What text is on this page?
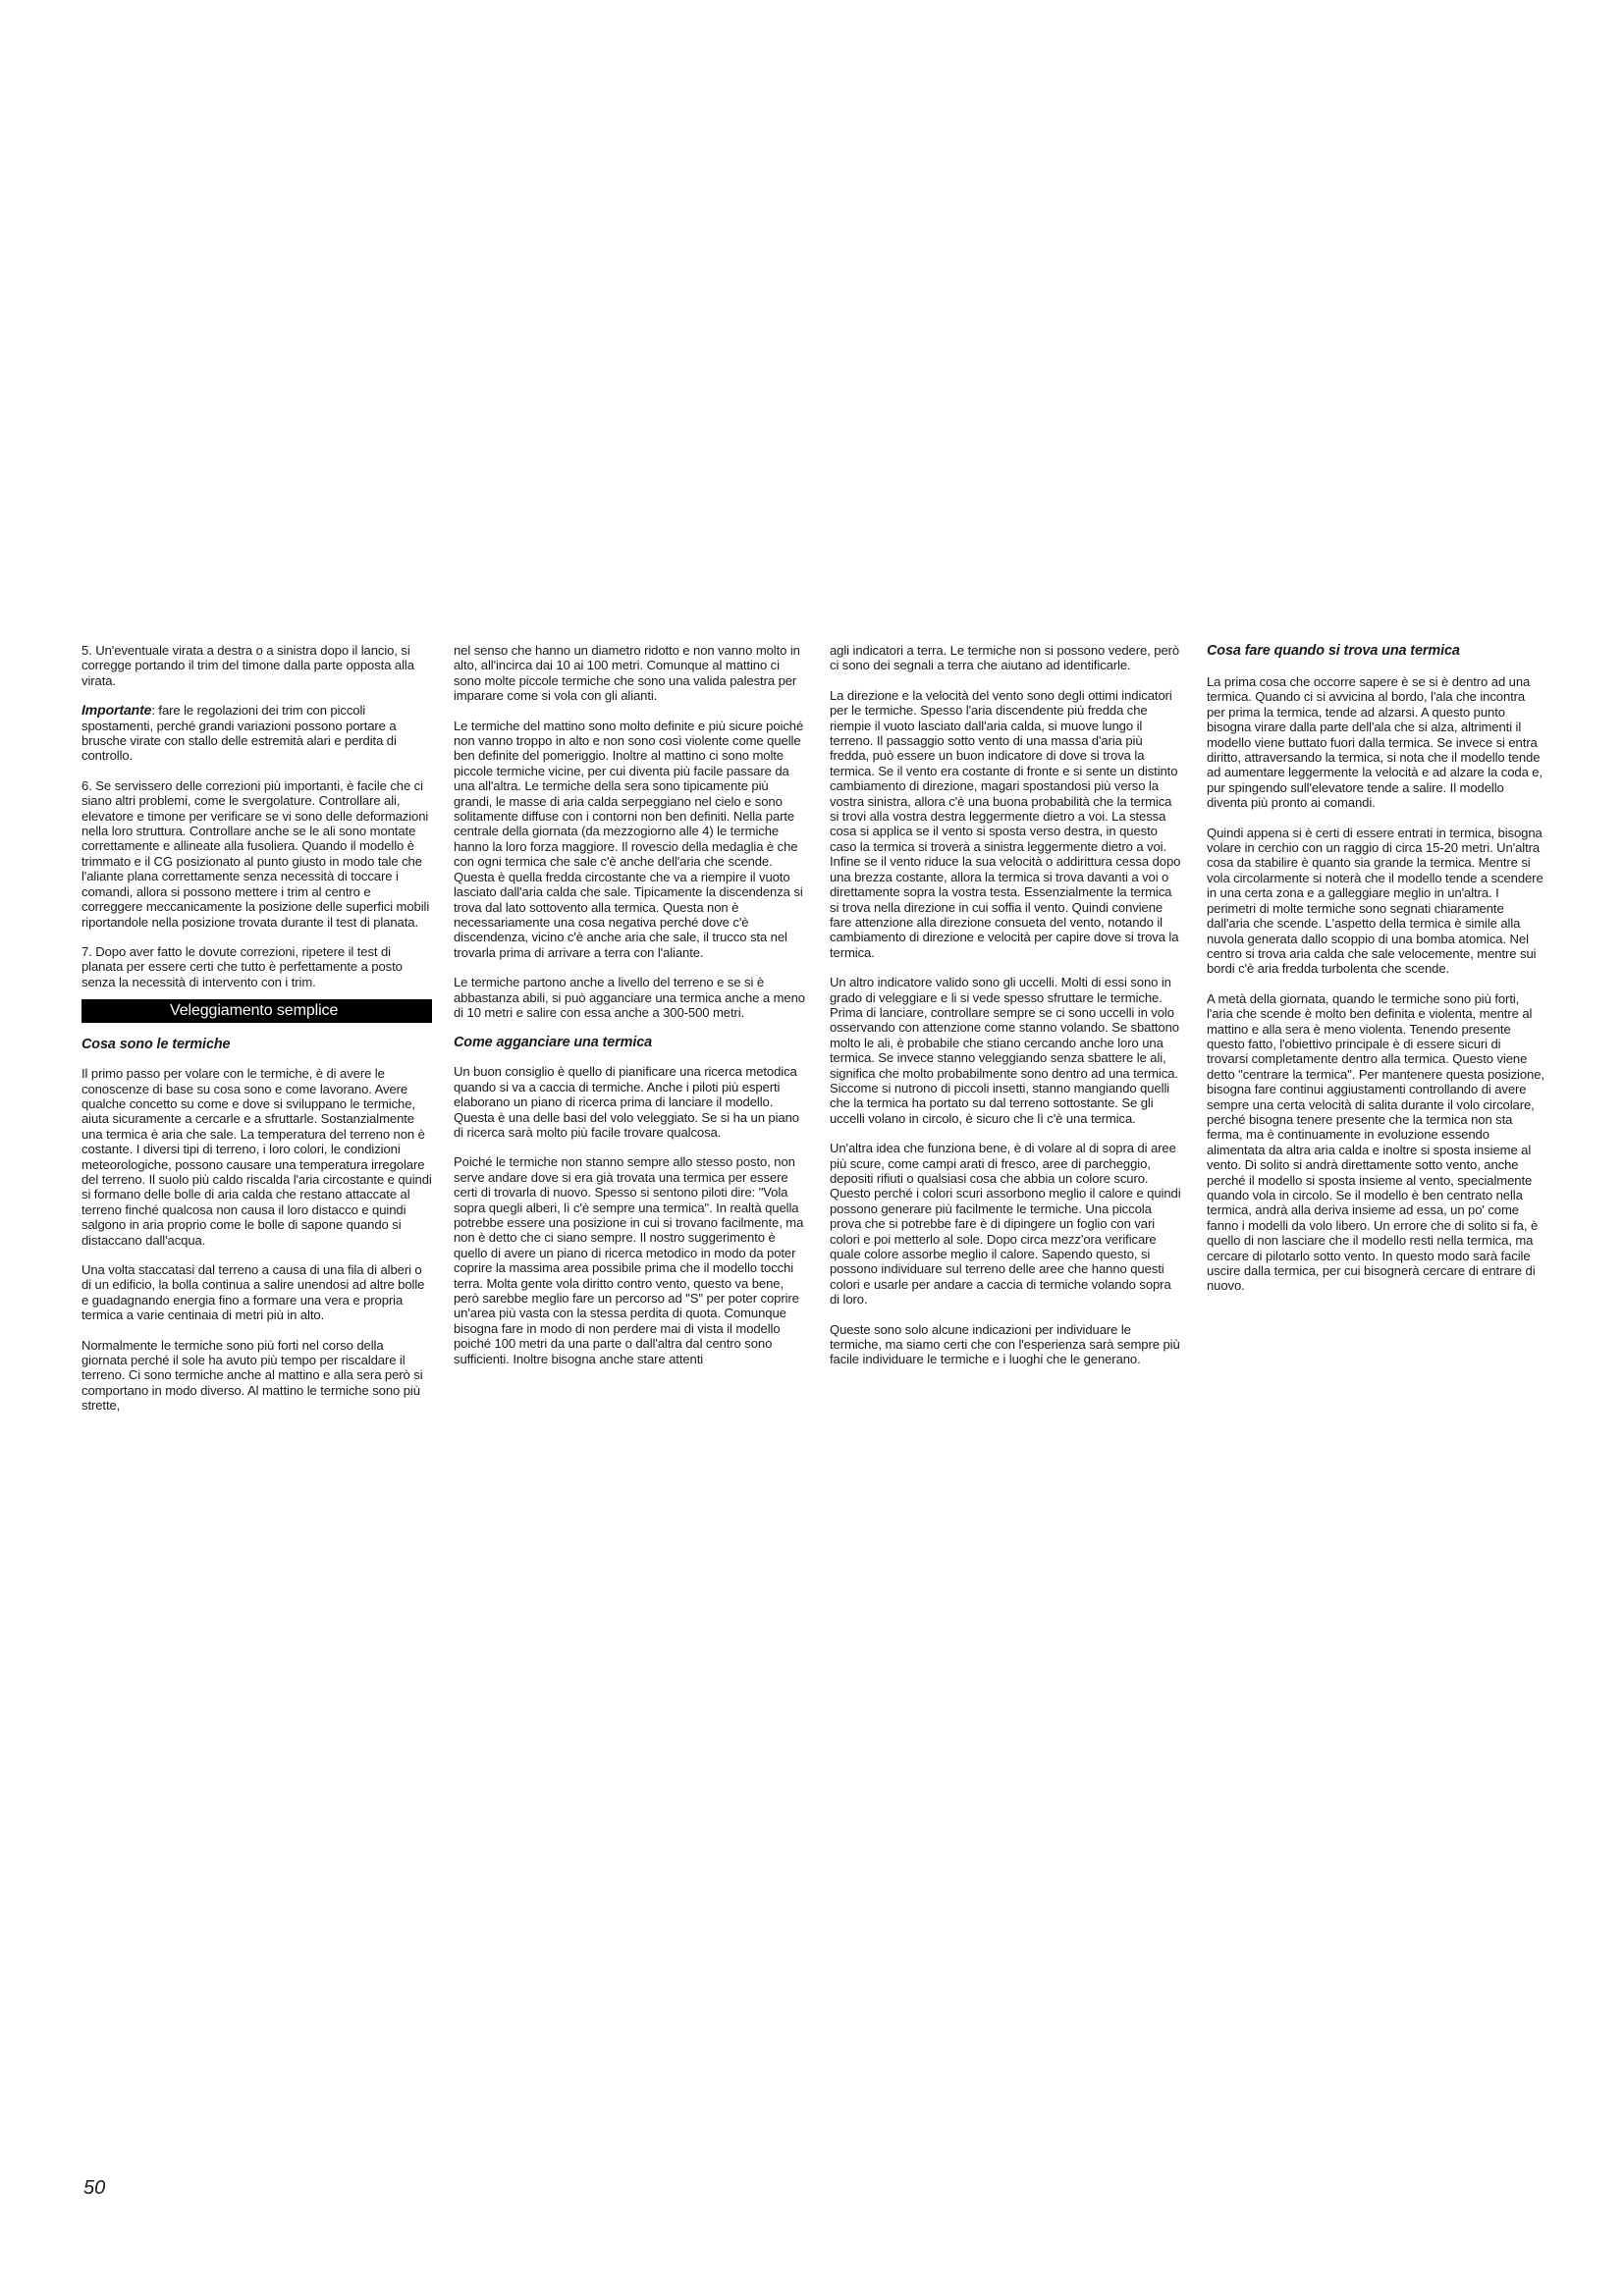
5. Un'eventuale virata a destra o a sinistra dopo il lancio, si corregge portando il trim del timone dalla parte opposta alla virata.

Importante: fare le regolazioni dei trim con piccoli spostamenti, perché grandi variazioni possono portare a brusche virate con stallo delle estremità alari e perdita di controllo.

6. Se servissero delle correzioni più importanti, è facile che ci siano altri problemi, come le svergolature. Controllare ali, elevatore e timone per verificare se vi sono delle deformazioni nella loro struttura. Controllare anche se le ali sono montate correttamente e allineate alla fusoliera. Quando il modello è trimmato e il CG posizionato al punto giusto in modo tale che l'aliante plana correttamente senza necessità di toccare i comandi, allora si possono mettere i trim al centro e correggere meccanicamente la posizione delle superfici mobili riportandole nella posizione trovata durante il test di planata.

7. Dopo aver fatto le dovute correzioni, ripetere il test di planata per essere certi che tutto è perfettamente a posto senza la necessità di intervento con i trim.

Veleggiamento semplice
Cosa sono le termiche

Il primo passo per volare con le termiche, è di avere le conoscenze di base su cosa sono e come lavorano. Avere qualche concetto su come e dove si sviluppano le termiche, aiuta sicuramente a cercarle e a sfruttarle. Sostanzialmente una termica è aria che sale. La temperatura del terreno non è costante. I diversi tipi di terreno, i loro colori, le condizioni meteorologiche, possono causare una temperatura irregolare del terreno. Il suolo più caldo riscalda l'aria circostante e quindi si formano delle bolle di aria calda che restano attaccate al terreno finché qualcosa non causa il loro distacco e quindi salgono in aria proprio come le bolle di sapone quando si distaccano dall'acqua.

Una volta staccatasi dal terreno a causa di una fila di alberi o di un edificio, la bolla continua a salire unendosi ad altre bolle e guadagnando energia fino a formare una vera e propria termica a varie centinaia di metri più in alto.

Normalmente le termiche sono più forti nel corso della giornata perché il sole ha avuto più tempo per riscaldare il terreno. Ci sono termiche anche al mattino e alla sera però si comportano in modo diverso. Al mattino le termiche sono più strette,

nel senso che hanno un diametro ridotto e non vanno molto in alto, all'incirca dai 10 ai 100 metri. Comunque al mattino ci sono molte piccole termiche che sono una valida palestra per imparare come si vola con gli alianti.

Le termiche del mattino sono molto definite e più sicure poiché non vanno troppo in alto e non sono così violente come quelle ben definite del pomeriggio. Inoltre al mattino ci sono molte piccole termiche vicine, per cui diventa più facile passare da una all'altra. Le termiche della sera sono tipicamente più grandi, le masse di aria calda serpeggiano nel cielo e sono solitamente diffuse con i contorni non ben definiti. Nella parte centrale della giornata (da mezzogiorno alle 4) le termiche hanno la loro forza maggiore. Il rovescio della medaglia è che con ogni termica che sale c'è anche dell'aria che scende. Questa è quella fredda circostante che va a riempire il vuoto lasciato dall'aria calda che sale. Tipicamente la discendenza si trova dal lato sottovento alla termica. Questa non è necessariamente una cosa negativa perché dove c'è discendenza, vicino c'è anche aria che sale, il trucco sta nel trovarla prima di arrivare a terra con l'aliante.

Le termiche partono anche a livello del terreno e se si è abbastanza abili, si può agganciare una termica anche a meno di 10 metri e salire con essa anche a 300-500 metri.

Come agganciare una termica

Un buon consiglio è quello di pianificare una ricerca metodica quando si va a caccia di termiche. Anche i piloti più esperti elaborano un piano di ricerca prima di lanciare il modello. Questa è una delle basi del volo veleggiato. Se si ha un piano di ricerca sarà molto più facile trovare qualcosa.

Poiché le termiche non stanno sempre allo stesso posto, non serve andare dove si era già trovata una termica per essere certi di trovarla di nuovo. Spesso si sentono piloti dire: "Vola sopra quegli alberi, lì c'è sempre una termica". In realtà quella potrebbe essere una posizione in cui si trovano facilmente, ma non è detto che ci siano sempre. Il nostro suggerimento è quello di avere un piano di ricerca metodico in modo da poter coprire la massima area possibile prima che il modello tocchi terra. Molta gente vola diritto contro vento, questo va bene, però sarebbe meglio fare un percorso ad "S" per poter coprire un'area più vasta con la stessa perdita di quota. Comunque bisogna fare in modo di non perdere mai di vista il modello poiché 100 metri da una parte o dall'altra dal centro sono sufficienti. Inoltre bisogna anche stare attenti

agli indicatori a terra. Le termiche non si possono vedere, però ci sono dei segnali a terra che aiutano ad identificarle.

La direzione e la velocità del vento sono degli ottimi indicatori per le termiche. Spesso l'aria discendente più fredda che riempie il vuoto lasciato dall'aria calda, si muove lungo il terreno. Il passaggio sotto vento di una massa d'aria più fredda, può essere un buon indicatore di dove si trova la termica. Se il vento era costante di fronte e si sente un distinto cambiamento di direzione, magari spostandosi più verso la vostra sinistra, allora c'è una buona probabilità che la termica si trovi alla vostra destra leggermente dietro a voi. La stessa cosa si applica se il vento si sposta verso destra, in questo caso la termica si troverà a sinistra leggermente dietro a voi. Infine se il vento riduce la sua velocità o addirittura cessa dopo una brezza costante, allora la termica si trova davanti a voi o direttamente sopra la vostra testa. Essenzialmente la termica si trova nella direzione in cui soffia il vento. Quindi conviene fare attenzione alla direzione consueta del vento, notando il cambiamento di direzione e velocità per capire dove si trova la termica.

Un altro indicatore valido sono gli uccelli. Molti di essi sono in grado di veleggiare e li si vede spesso sfruttare le termiche. Prima di lanciare, controllare sempre se ci sono uccelli in volo osservando con attenzione come stanno volando. Se sbattono molto le ali, è probabile che stiano cercando anche loro una termica. Se invece stanno veleggiando senza sbattere le ali, significa che molto probabilmente sono dentro ad una termica. Siccome si nutrono di piccoli insetti, stanno mangiando quelli che la termica ha portato su dal terreno sottostante. Se gli uccelli volano in circolo, è sicuro che lì c'è una termica.

Un'altra idea che funziona bene, è di volare al di sopra di aree più scure, come campi arati di fresco, aree di parcheggio, depositi rifiuti o qualsiasi cosa che abbia un colore scuro. Questo perché i colori scuri assorbono meglio il calore e quindi possono generare più facilmente le termiche. Una piccola prova che si potrebbe fare è di dipingere un foglio con vari colori e poi metterlo al sole. Dopo circa mezz'ora verificare quale colore assorbe meglio il calore. Sapendo questo, si possono individuare sul terreno delle aree che hanno questi colori e usarle per andare a caccia di termiche volando sopra di loro.

Queste sono solo alcune indicazioni per individuare le termiche, ma siamo certi che con l'esperienza sarà sempre più facile individuare le termiche e i luoghi che le generano.

Cosa fare quando si trova una termica

La prima cosa che occorre sapere è se si è dentro ad una termica. Quando ci si avvicina al bordo, l'ala che incontra per prima la termica, tende ad alzarsi. A questo punto bisogna virare dalla parte dell'ala che si alza, altrimenti il modello viene buttato fuori dalla termica. Se invece si entra diritto, attraversando la termica, si nota che il modello tende ad aumentare leggermente la velocità e ad alzare la coda e, pur spingendo sull'elevatore tende a salire. Il modello diventa più pronto ai comandi.

Quindi appena si è certi di essere entrati in termica, bisogna volare in cerchio con un raggio di circa 15-20 metri. Un'altra cosa da stabilire è quanto sia grande la termica. Mentre si vola circolarmente si noterà che il modello tende a scendere in una certa zona e a galleggiare meglio in un'altra. I perimetri di molte termiche sono segnati chiaramente dall'aria che scende. L'aspetto della termica è simile alla nuvola generata dallo scoppio di una bomba atomica. Nel centro si trova aria calda che sale velocemente, mentre sui bordi c'è aria fredda turbolenta che scende.

A metà della giornata, quando le termiche sono più forti, l'aria che scende è molto ben definita e violenta, mentre al mattino e alla sera è meno violenta. Tenendo presente questo fatto, l'obiettivo principale è di essere sicuri di trovarsi completamente dentro alla termica. Questo viene detto "centrare la termica". Per mantenere questa posizione, bisogna fare continui aggiustamenti controllando di avere sempre una certa velocità di salita durante il volo circolare, perché bisogna tenere presente che la termica non sta ferma, ma è continuamente in evoluzione essendo alimentata da altra aria calda e inoltre si sposta insieme al vento. Di solito si andrà direttamente sotto vento, anche perché il modello si sposta insieme al vento, specialmente quando vola in circolo. Se il modello è ben centrato nella termica, andrà alla deriva insieme ad essa, un po' come fanno i modelli da volo libero. Un errore che di solito si fa, è quello di non lasciare che il modello resti nella termica, ma cercare di pilotarlo sotto vento. In questo modo sarà facile uscire dalla termica, per cui bisognerà cercare di entrare di nuovo.

50
